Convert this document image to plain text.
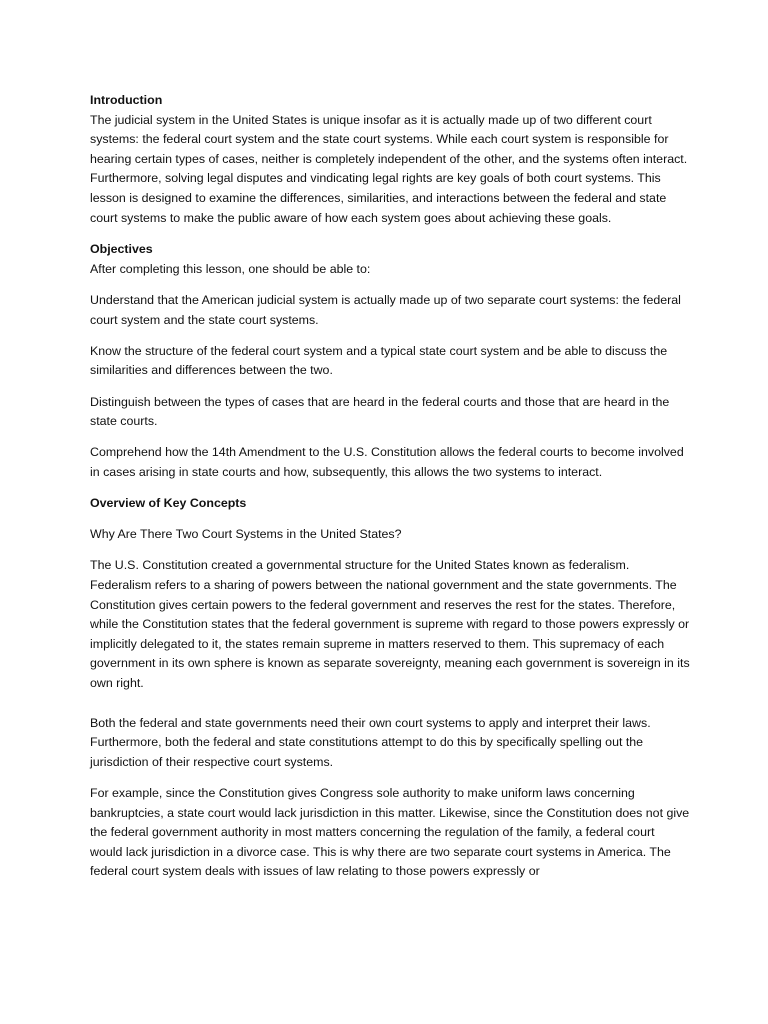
Introduction

The judicial system in the United States is unique insofar as it is actually made up of two different court systems: the federal court system and the state court systems. While each court system is responsible for hearing certain types of cases, neither is completely independent of the other, and the systems often interact. Furthermore, solving legal disputes and vindicating legal rights are key goals of both court systems. This lesson is designed to examine the differences, similarities, and interactions between the federal and state court systems to make the public aware of how each system goes about achieving these goals.

Objectives

After completing this lesson, one should be able to:

Understand that the American judicial system is actually made up of two separate court systems: the federal court system and the state court systems.

Know the structure of the federal court system and a typical state court system and be able to discuss the similarities and differences between the two.

Distinguish between the types of cases that are heard in the federal courts and those that are heard in the state courts.

Comprehend how the 14th Amendment to the U.S. Constitution allows the federal courts to become involved in cases arising in state courts and how, subsequently, this allows the two systems to interact.

Overview of Key Concepts

Why Are There Two Court Systems in the United States?

The U.S. Constitution created a governmental structure for the United States known as federalism. Federalism refers to a sharing of powers between the national government and the state governments. The Constitution gives certain powers to the federal government and reserves the rest for the states. Therefore, while the Constitution states that the federal government is supreme with regard to those powers expressly or implicitly delegated to it, the states remain supreme in matters reserved to them. This supremacy of each government in its own sphere is known as separate sovereignty, meaning each government is sovereign in its own right.

Both the federal and state governments need their own court systems to apply and interpret their laws. Furthermore, both the federal and state constitutions attempt to do this by specifically spelling out the jurisdiction of their respective court systems.

For example, since the Constitution gives Congress sole authority to make uniform laws concerning bankruptcies, a state court would lack jurisdiction in this matter. Likewise, since the Constitution does not give the federal government authority in most matters concerning the regulation of the family, a federal court would lack jurisdiction in a divorce case. This is why there are two separate court systems in America. The federal court system deals with issues of law relating to those powers expressly or
